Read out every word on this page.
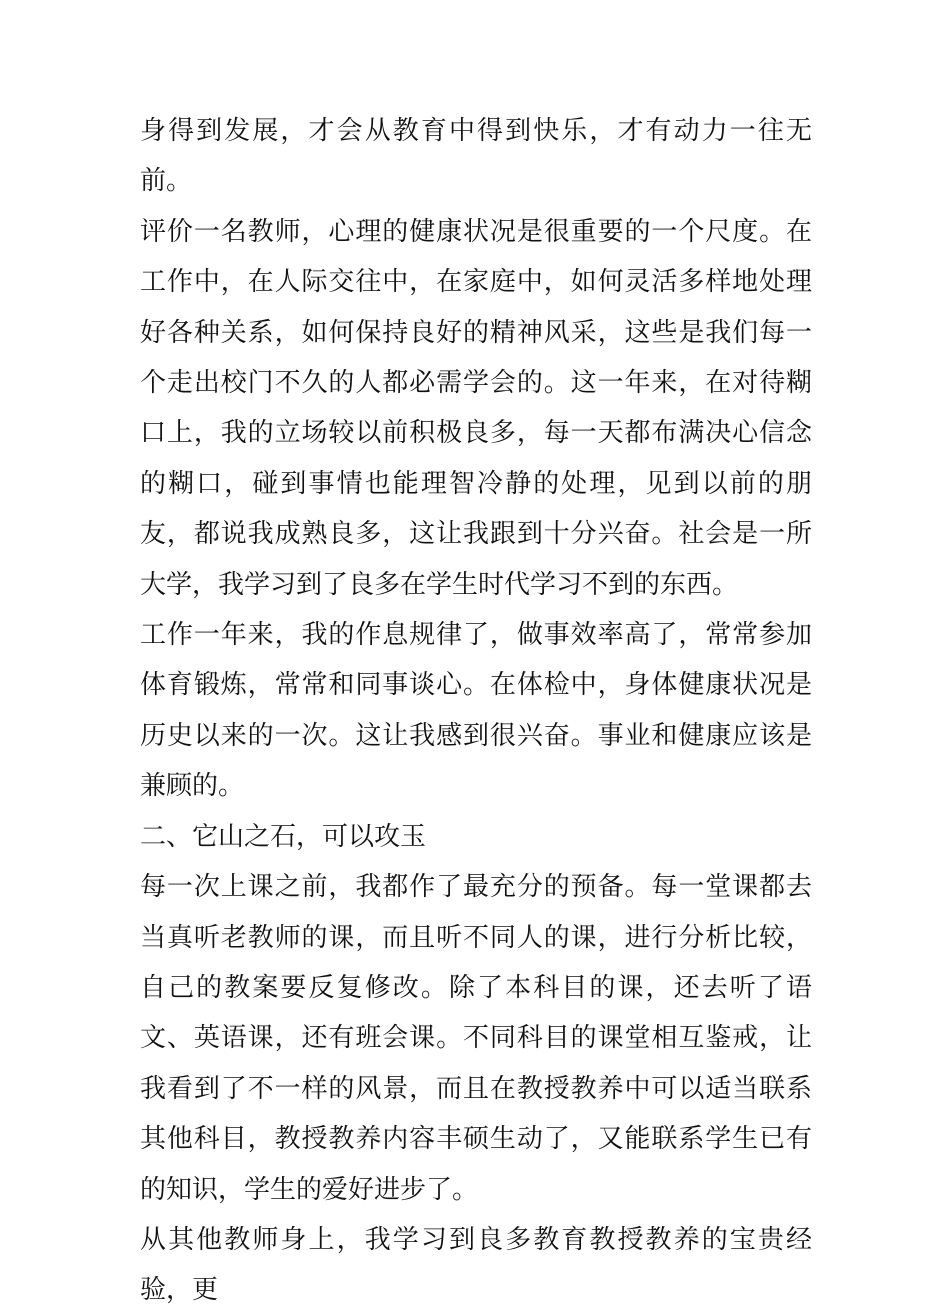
身得到发展，才会从教育中得到快乐，才有动力一往无前。

评价一名教师，心理的健康状况是很重要的一个尺度。在工作中，在人际交往中，在家庭中，如何灵活多样地处理好各种关系，如何保持良好的精神风采，这些是我们每一个走出校门不久的人都必需学会的。这一年来，在对待糊口上，我的立场较以前积极良多，每一天都布满决心信念的糊口，碰到事情也能理智冷静的处理，见到以前的朋友，都说我成熟良多，这让我跟到十分兴奋。社会是一所大学，我学习到了良多在学生时代学习不到的东西。

工作一年来，我的作息规律了，做事效率高了，常常参加体育锻炼，常常和同事谈心。在体检中，身体健康状况是历史以来的一次。这让我感到很兴奋。事业和健康应该是兼顾的。

二、它山之石，可以攻玉

每一次上课之前，我都作了最充分的预备。每一堂课都去当真听老教师的课，而且听不同人的课，进行分析比较，自己的教案要反复修改。除了本科目的课，还去听了语文、英语课，还有班会课。不同科目的课堂相互鉴戒，让我看到了不一样的风景，而且在教授教养中可以适当联系其他科目，教授教养内容丰硕生动了，又能联系学生已有的知识，学生的爱好进步了。

从其他教师身上，我学习到良多教育教授教养的宝贵经验，更
